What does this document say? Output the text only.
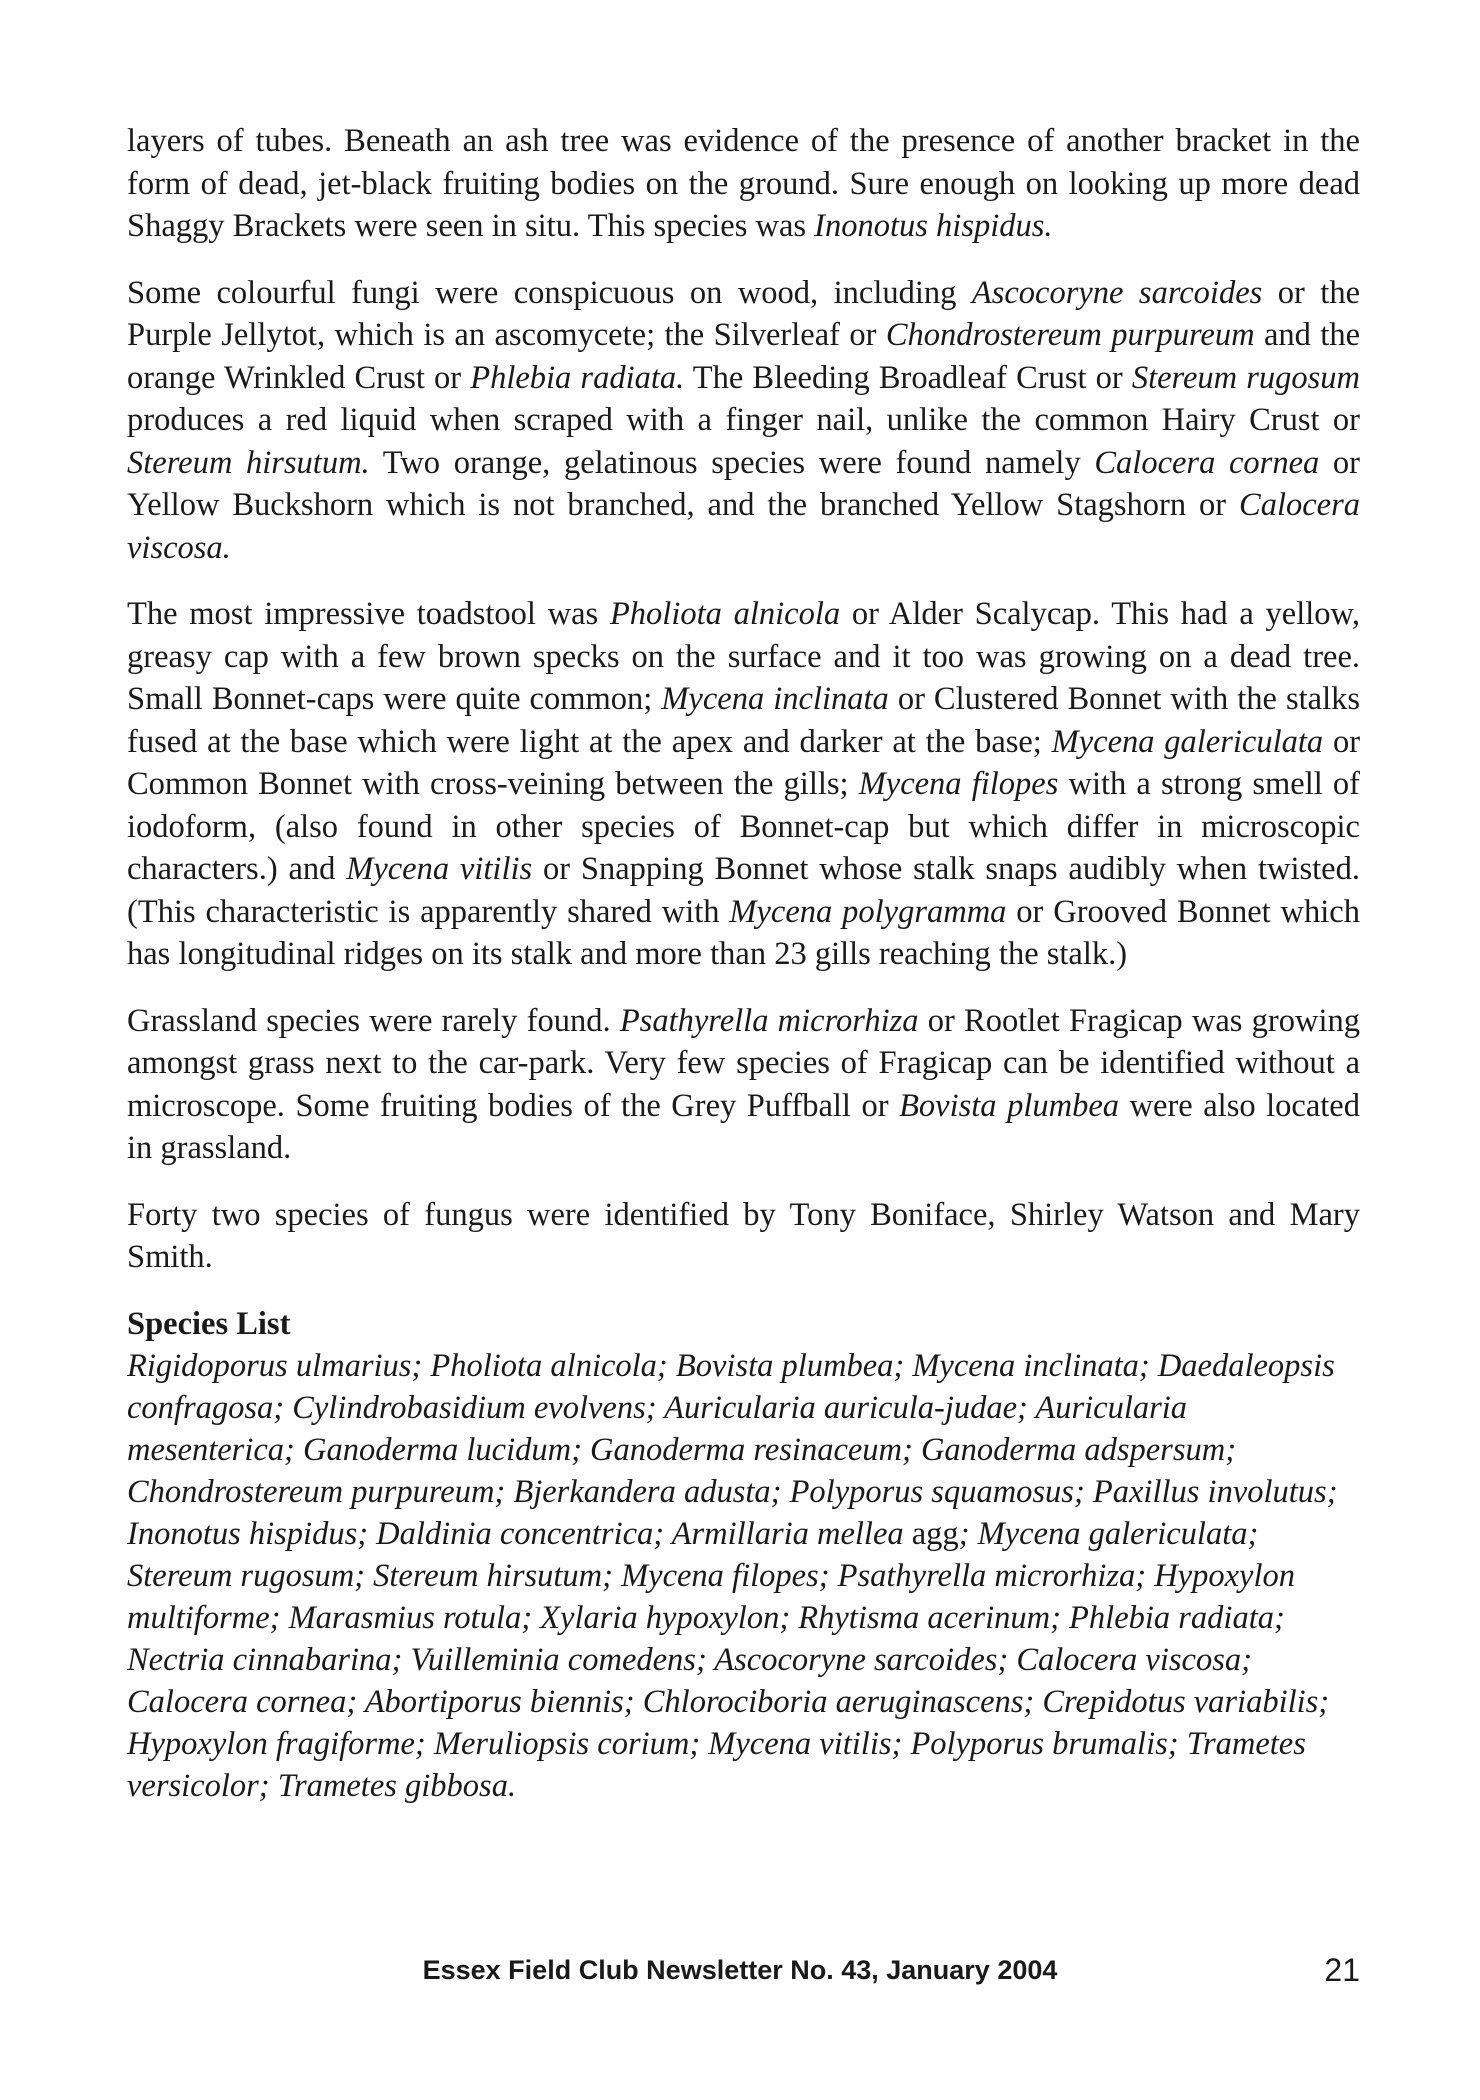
layers of tubes. Beneath an ash tree was evidence of the presence of another bracket in the form of dead, jet-black fruiting bodies on the ground. Sure enough on looking up more dead Shaggy Brackets were seen in situ. This species was Inonotus hispidus.

Some colourful fungi were conspicuous on wood, including Ascocoryne sarcoides or the Purple Jellytot, which is an ascomycete; the Silverleaf or Chondrostereum purpureum and the orange Wrinkled Crust or Phlebia radiata. The Bleeding Broadleaf Crust or Stereum rugosum produces a red liquid when scraped with a finger nail, unlike the common Hairy Crust or Stereum hirsutum. Two orange, gelatinous species were found namely Calocera cornea or Yellow Buckshorn which is not branched, and the branched Yellow Stagshorn or Calocera viscosa.

The most impressive toadstool was Pholiota alnicola or Alder Scalycap. This had a yellow, greasy cap with a few brown specks on the surface and it too was growing on a dead tree. Small Bonnet-caps were quite common; Mycena inclinata or Clustered Bonnet with the stalks fused at the base which were light at the apex and darker at the base; Mycena galericulata or Common Bonnet with cross-veining between the gills; Mycena filopes with a strong smell of iodoform, (also found in other species of Bonnet-cap but which differ in microscopic characters.) and Mycena vitilis or Snapping Bonnet whose stalk snaps audibly when twisted. (This characteristic is apparently shared with Mycena polygramma or Grooved Bonnet which has longitudinal ridges on its stalk and more than 23 gills reaching the stalk.)

Grassland species were rarely found. Psathyrella microrhiza or Rootlet Fragicap was growing amongst grass next to the car-park. Very few species of Fragicap can be identified without a microscope. Some fruiting bodies of the Grey Puffball or Bovista plumbea were also located in grassland.

Forty two species of fungus were identified by Tony Boniface, Shirley Watson and Mary Smith.

Species List

Rigidoporus ulmarius; Pholiota alnicola; Bovista plumbea; Mycena inclinata; Daedaleopsis confragosa; Cylindrobasidium evolvens; Auricularia auricula-judae; Auricularia mesenterica; Ganoderma lucidum; Ganoderma resinaceum; Ganoderma adspersum; Chondrostereum purpureum; Bjerkandera adusta; Polyporus squamosus; Paxillus involutus; Inonotus hispidus; Daldinia concentrica; Armillaria mellea agg; Mycena galericulata; Stereum rugosum; Stereum hirsutum; Mycena filopes; Psathyrella microrhiza; Hypoxylon multiforme; Marasmius rotula; Xylaria hypoxylon; Rhytisma acerinum; Phlebia radiata; Nectria cinnabarina; Vuilleminia comedens; Ascocoryne sarcoides; Calocera viscosa; Calocera cornea; Abortiporus biennis; Chlorociboria aeruginascens; Crepidotus variabilis; Hypoxylon fragiforme; Meruliopsis corium; Mycena vitilis; Polyporus brumalis; Trametes versicolor; Trametes gibbosa.

Essex Field Club Newsletter No. 43, January 2004	21
